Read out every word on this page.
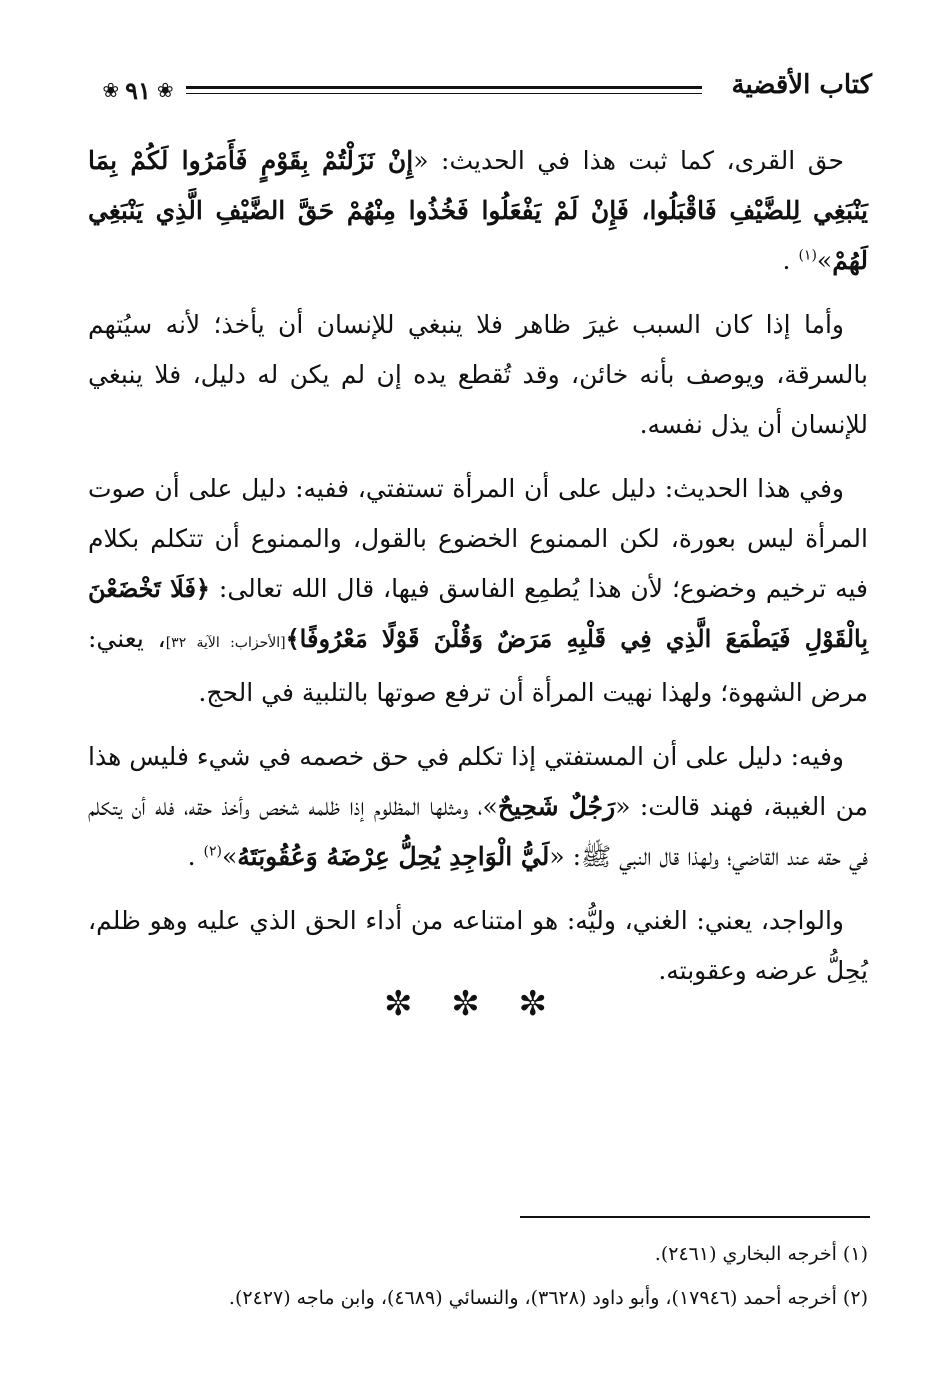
❀ ٩١ ❀	كتاب الأقضية

حق القرى، كما ثبت هذا في الحديث: «إِنْ نَزَلْتُمْ بِقَوْمٍ فَأَمَرُوا لَكُمْ بِمَا يَنْبَغِي لِلضَّيْفِ فَاقْبَلُوا، فَإِنْ لَمْ يَفْعَلُوا فَخُذُوا مِنْهُمْ حَقَّ الضَّيْفِ الَّذِي يَنْبَغِي لَهُمْ»$^{(١)}$ .

وأما إذا كان السبب غيرَ ظاهر فلا ينبغي للإنسان أن يأخذ؛ لأنه سيُتهم بالسرقة، ويوصف بأنه خائن، وقد تُقطع يده إن لم يكن له دليل، فلا ينبغي للإنسان أن يذل نفسه.

وفي هذا الحديث: دليل على أن المرأة تستفتي، ففيه: دليل على أن صوت المرأة ليس بعورة، لكن الممنوع الخضوع بالقول، والممنوع أن تتكلم بكلام فيه ترخيم وخضوع؛ لأن هذا يُطمِع الفاسق فيها، قال الله تعالى: ﴿فَلَا تَخْضَعْنَ بِالْقَوْلِ فَيَطْمَعَ الَّذِي فِي قَلْبِهِ مَرَضٌ وَقُلْنَ قَوْلًا مَعْرُوفًا﴾[الأحزاب: الآية ٣٢]، يعني: مرض الشهوة؛ ولهذا نهيت المرأة أن ترفع صوتها بالتلبية في الحج.

وفيه: دليل على أن المستفتي إذا تكلم في حق خصمه في شيء فليس هذا من الغيبة، فهند قالت: «رَجُلٌ شَحِيحٌ»، ومثلها المظلوم إذا ظلمه شخص وأخذ حقه، فله أن يتكلم في حقه عند القاضي؛ ولهذا قال النبي ﷺ: «لَيُّ الْوَاجِدِ يُحِلُّ عِرْضَهُ وَعُقُوبَتَهُ»$^{(٢)}$ .

والواجد، يعني: الغني، وليُّه: هو امتناعه من أداء الحق الذي عليه وهو ظلم، يُحِلُّ عرضه وعقوبته.

✼ ✼ ✼
(١) أخرجه البخاري (٢٤٦١).
(٢) أخرجه أحمد (١٧٩٤٦)، وأبو داود (٣٦٢٨)، والنسائي (٤٦٨٩)، وابن ماجه (٢٤٢٧).
